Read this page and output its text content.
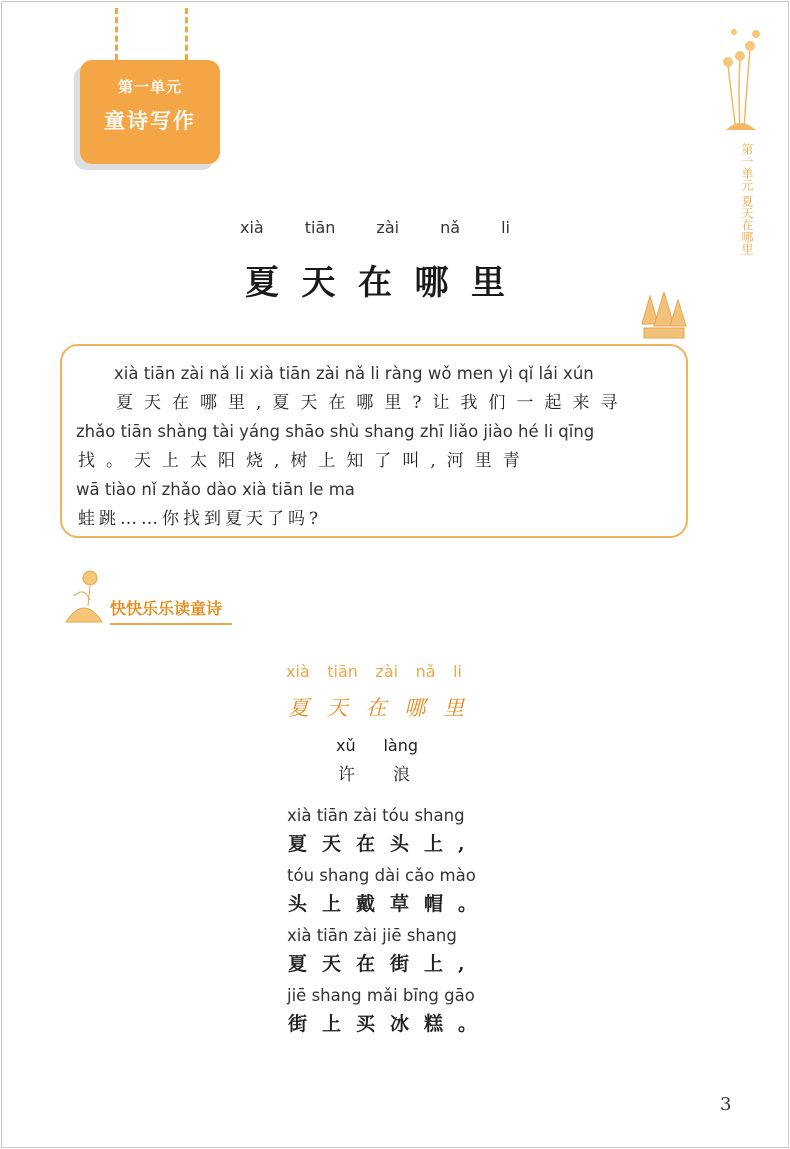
第一单元
童诗写作
第一单元 夏天在哪里
xià	tiān	zài	nǎ	li
夏 天 在 哪 里
xià tiān zài nǎ li xià tiān zài nǎ li ràng wǒ men yì qǐ lái xún
夏天在哪里,夏天在哪里?让我们一起来寻
zhǎo tiān shàng tài yáng shāo shù shang zhī liǎo jiào hé li qīng
找。天上太阳烧,树上知了叫,河里青
wā tiào nǐ zhǎo dào xià tiān le ma
蛙跳……你找到夏天了吗?
快快乐乐读童诗
xià tiān zài nǎ li
夏 天 在 哪 里
xǔ làng
许 浪
xià tiān zài tóu shang
夏天在头上,
tóu shang dài cǎo mào
头上戴草帽。
xià tiān zài jiē shang
夏天在街上,
jiē shang mǎi bīng gāo
街上买冰糕。
3
